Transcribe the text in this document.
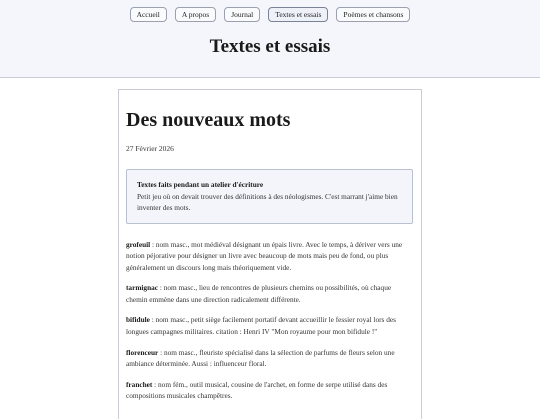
Accueil	A propos	Journal	Textes et essais	Poèmes et chansons
Textes et essais
Des nouveaux mots
27 Février 2026
Textes faits pendant un atelier d'écriture
Petit jeu où on devait trouver des définitions à des néologismes. C'est marrant j'aime bien inventer des mots.

grofeuil : nom masc., mot médiéval désignant un épais livre. Avec le temps, à dériver vers une notion péjorative pour désigner un livre avec beaucoup de mots mais peu de fond, ou plus généralement un discours long mais théoriquement vide.

tarmignac : nom masc., lieu de rencontres de plusieurs chemins ou possibilités, où chaque chemin emmène dans une direction radicalement différente.

bifidule : nom masc., petit siège facilement portatif devant accueillir le fessier royal lors des longues campagnes militaires. citation : Henri IV "Mon royaume pour mon bifidule !"

florenceur : nom masc., fleuriste spécialisé dans la sélection de parfums de fleurs selon une ambiance déterminée. Aussi : influenceur floral.

franchet : nom fém., outil musical, cousine de l'archet, en forme de serpe utilisé dans des compositions musicales champêtres.
